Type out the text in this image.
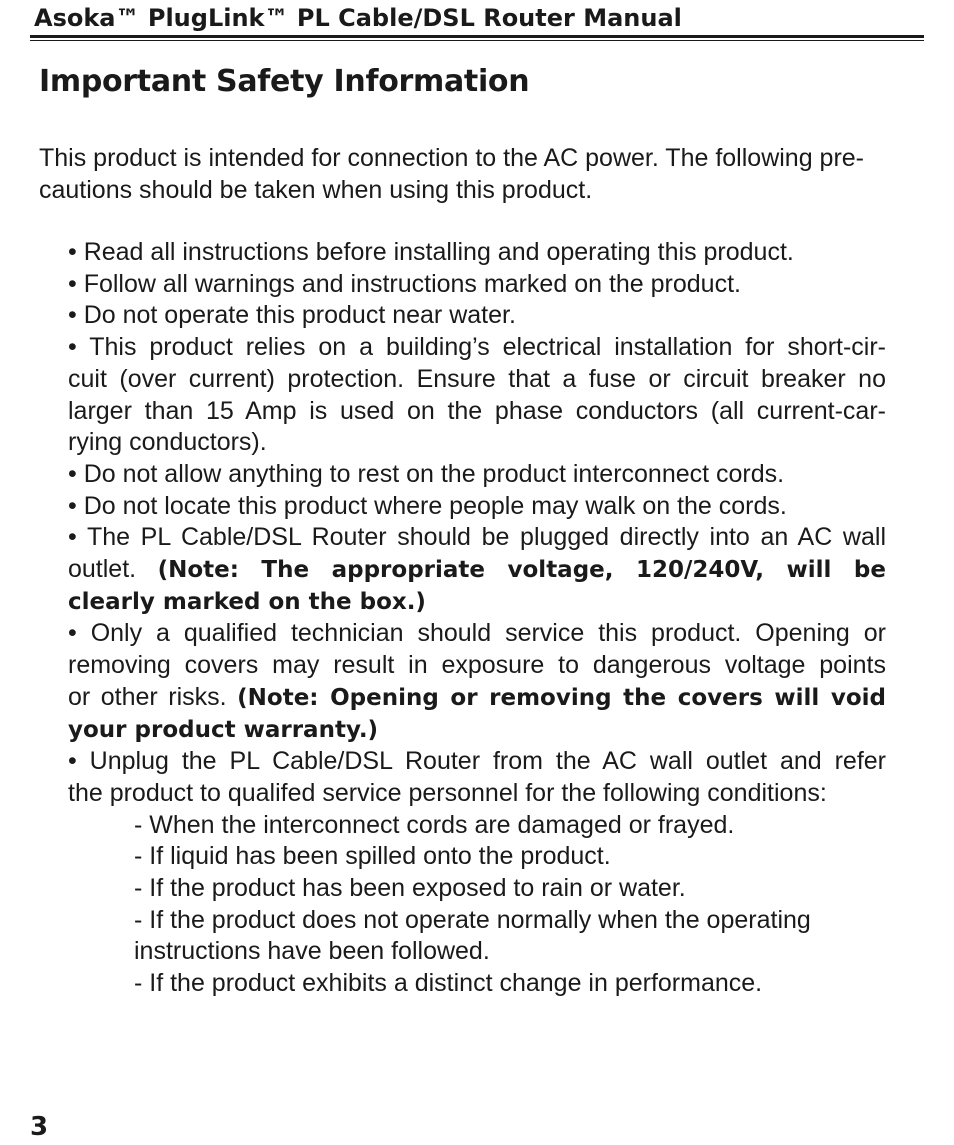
Asoka™ PlugLink™ PL Cable/DSL Router Manual
Important Safety Information
This product is intended for connection to the AC power. The following pre-
cautions should be taken when using this product.
• Read all instructions before installing and operating this product.
• Follow all warnings and instructions marked on the product.
• Do not operate this product near water.
• This product relies on a building’s electrical installation for short-cir-
cuit (over current) protection. Ensure that a fuse or circuit breaker no
larger than 15 Amp is used on the phase conductors (all current-car-
rying conductors).
• Do not allow anything to rest on the product interconnect cords.
• Do not locate this product where people may walk on the cords.
• The PL Cable/DSL Router should be plugged directly into an AC wall
outlet. (Note: The appropriate voltage, 120/240V, will be
clearly marked on the box.)
• Only a qualified technician should service this product. Opening or
removing covers may result in exposure to dangerous voltage points
or other risks. (Note: Opening or removing the covers will void
your product warranty.)
• Unplug the PL Cable/DSL Router from the AC wall outlet and refer
the product to qualifed service personnel for the following conditions:
- When the interconnect cords are damaged or frayed.
- If liquid has been spilled onto the product.
- If the product has been exposed to rain or water.
- If the product does not operate normally when the operating
instructions have been followed.
- If the product exhibits a distinct change in performance.
3
